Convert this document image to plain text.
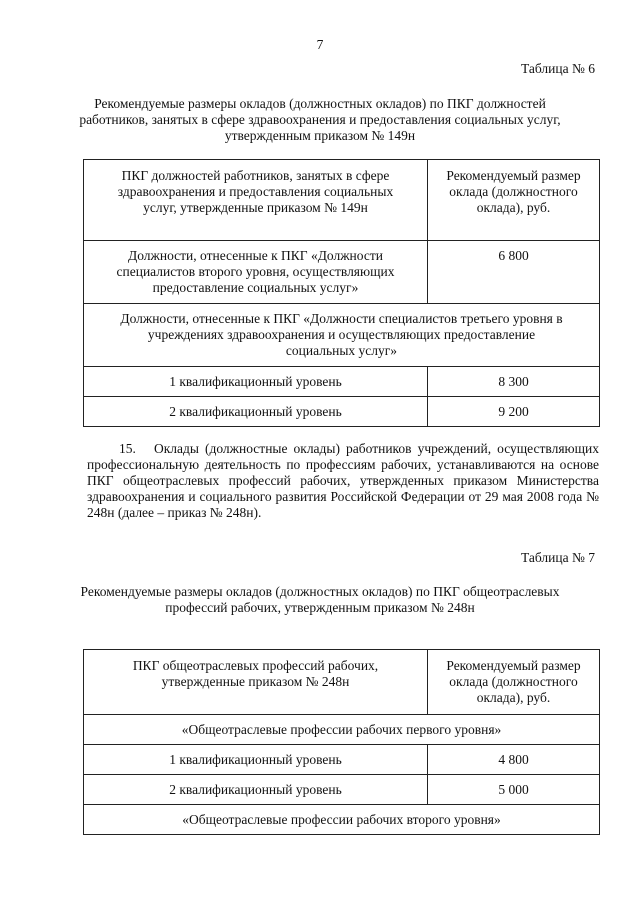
7
Таблица № 6
Рекомендуемые размеры окладов (должностных окладов) по ПКГ должностей работников, занятых в сфере здравоохранения и предоставления социальных услуг, утвержденным приказом № 149н
ПКГ должностей работников, занятых в сфере здравоохранения и предоставления социальных услуг, утвержденные приказом № 149н	Рекомендуемый размер оклада (должностного оклада), руб.

Должности, отнесенные к ПКГ «Должности специалистов второго уровня, осуществляющих предоставление социальных услуг»	6 800

Должности, отнесенные к ПКГ «Должности специалистов третьего уровня в учреждениях здравоохранения и осуществляющих предоставление социальных услуг»	

1 квалификационный уровень	8 300
2 квалификационный уровень	9 200
15. Оклады (должностные оклады) работников учреждений, осуществляющих профессиональную деятельность по профессиям рабочих, устанавливаются на основе ПКГ общеотраслевых профессий рабочих, утвержденных приказом Министерства здравоохранения и социального развития Российской Федерации от 29 мая 2008 года № 248н (далее – приказ № 248н).
Таблица № 7
Рекомендуемые размеры окладов (должностных окладов) по ПКГ общеотраслевых профессий рабочих, утвержденным приказом № 248н
ПКГ общеотраслевых профессий рабочих, утвержденные приказом № 248н	Рекомендуемый размер оклада (должностного оклада), руб.

«Общеотраслевые профессии рабочих первого уровня»	
1 квалификационный уровень	4 800
2 квалификационный уровень	5 000
«Общеотраслевые профессии рабочих второго уровня»	
